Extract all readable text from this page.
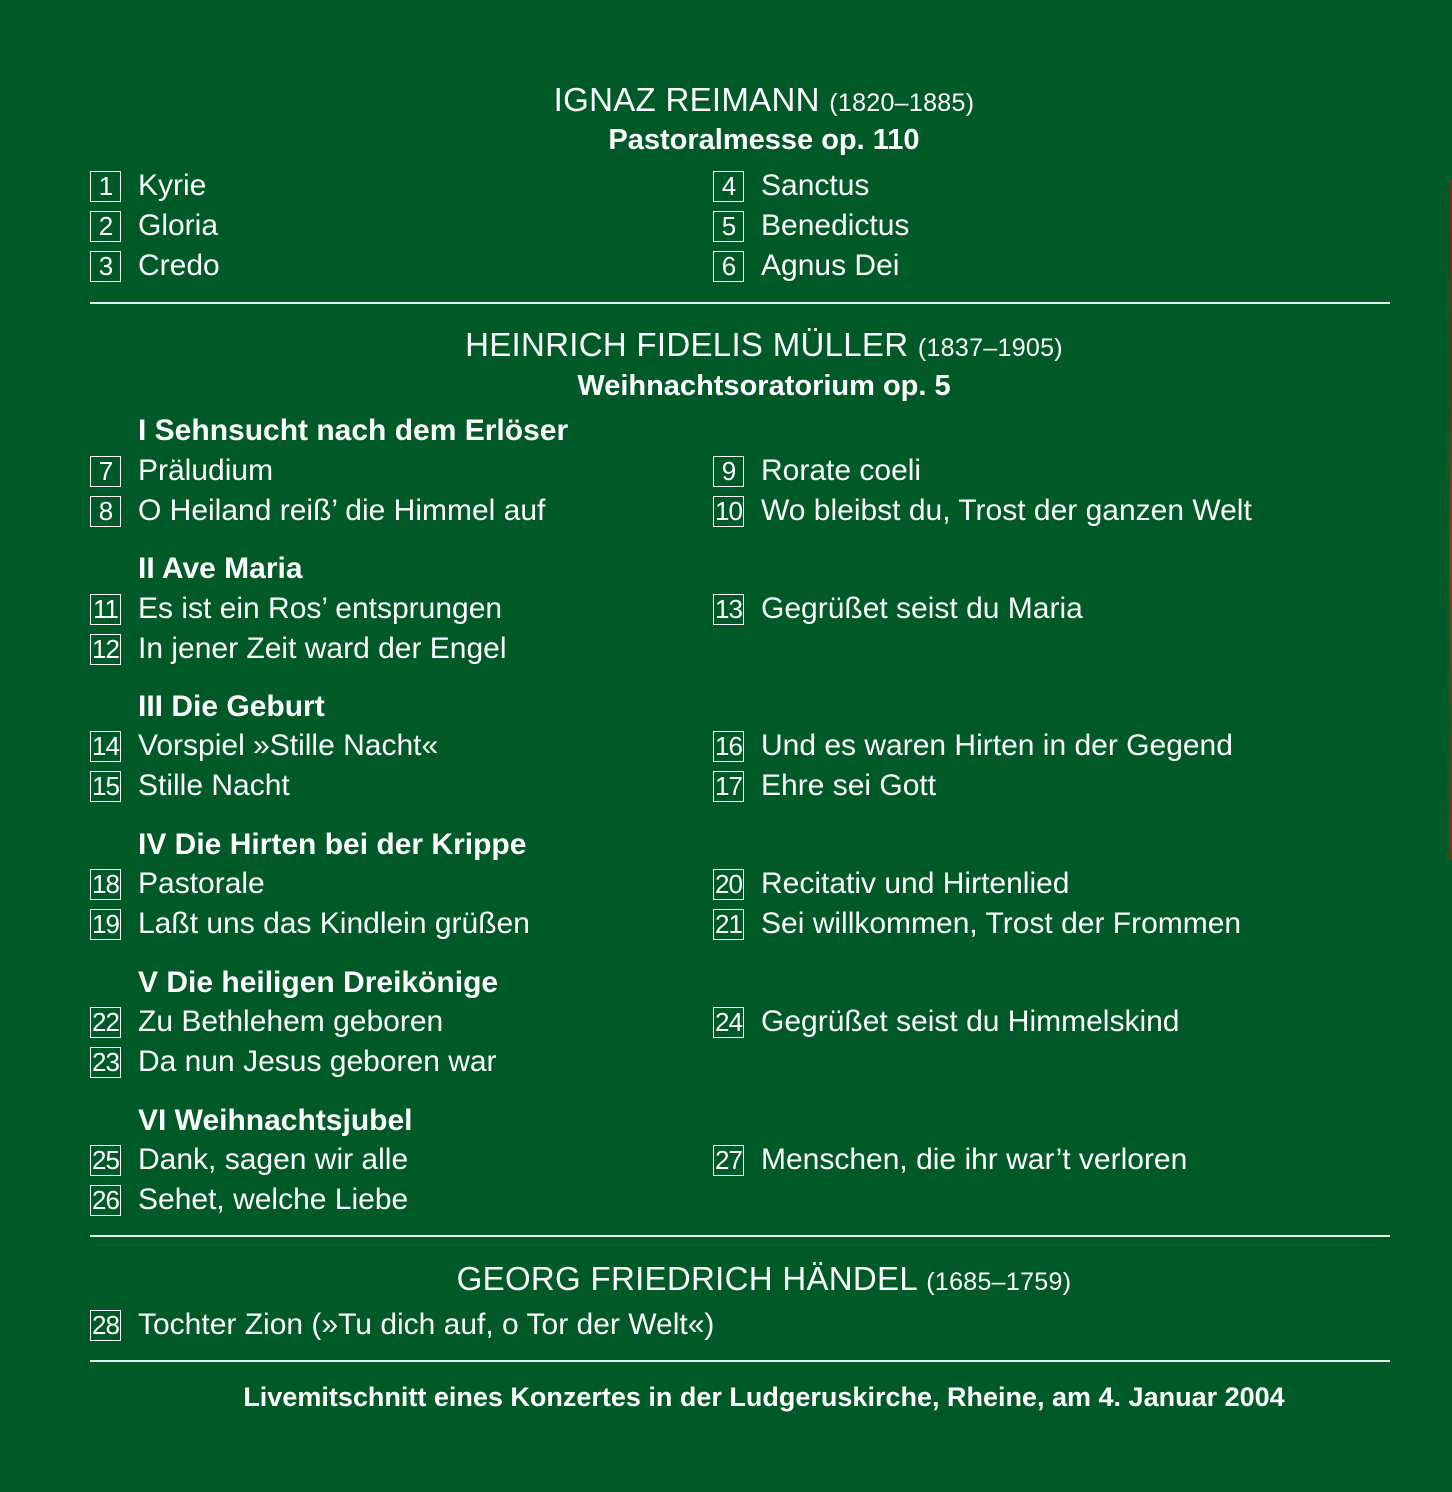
IGNAZ REIMANN (1820–1885)
Pastoralmesse op. 110
1 Kyrie
2 Gloria
3 Credo
4 Sanctus
5 Benedictus
6 Agnus Dei
HEINRICH FIDELIS MÜLLER (1837–1905)
Weihnachtsoratorium op. 5
I Sehnsucht nach dem Erlöser
7 Präludium
8 O Heiland reiß’ die Himmel auf
9 Rorate coeli
10 Wo bleibst du, Trost der ganzen Welt
II Ave Maria
11 Es ist ein Ros’ entsprungen
12 In jener Zeit ward der Engel
13 Gegrüßet seist du Maria
III Die Geburt
14 Vorspiel »Stille Nacht«
15 Stille Nacht
16 Und es waren Hirten in der Gegend
17 Ehre sei Gott
IV Die Hirten bei der Krippe
18 Pastorale
19 Laßt uns das Kindlein grüßen
20 Recitativ und Hirtenlied
21 Sei willkommen, Trost der Frommen
V Die heiligen Dreikönige
22 Zu Bethlehem geboren
23 Da nun Jesus geboren war
24 Gegrüßet seist du Himmelskind
VI Weihnachtsjubel
25 Dank, sagen wir alle
26 Sehet, welche Liebe
27 Menschen, die ihr war’t verloren
GEORG FRIEDRICH HÄNDEL (1685–1759)
28 Tochter Zion (»Tu dich auf, o Tor der Welt«)
Livemitschnitt eines Konzertes in der Ludgeruskirche, Rheine, am 4. Januar 2004
